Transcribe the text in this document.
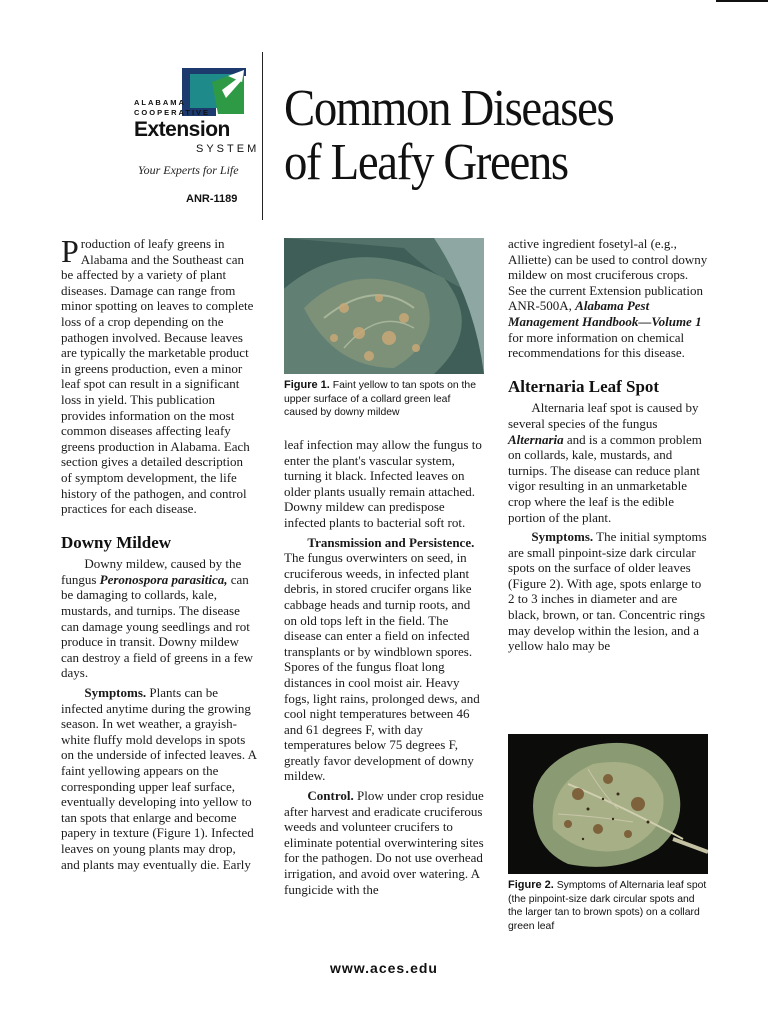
ALABAMA
COOPERATIVE
Extension
SYSTEM
Your Experts for Life
ANR-1189
Common Diseases
of Leafy Greens

Production of leafy greens in Alabama and the Southeast can be affected by a variety of plant diseases. Damage can range from minor spotting on leaves to complete loss of a crop depending on the pathogen involved. Because leaves are typically the marketable product in greens production, even a minor leaf spot can result in a significant loss in yield. This publication provides information on the most common diseases affecting leafy greens production in Alabama. Each section gives a detailed description of symptom development, the life history of the pathogen, and control practices for each disease.

Downy Mildew

Downy mildew, caused by the fungus Peronospora parasitica, can be damaging to collards, kale, mustards, and turnips. The disease can damage young seedlings and rot produce in transit. Downy mildew can destroy a field of greens in a few days.

Symptoms. Plants can be infected anytime during the growing season. In wet weather, a grayish-white fluffy mold develops in spots on the underside of infected leaves. A faint yellowing appears on the corresponding upper leaf surface, eventually developing into yellow to tan spots that enlarge and become papery in texture (Figure 1). Infected leaves on young plants may drop, and plants may eventually die. Early

Figure 1. Faint yellow to tan spots on the upper surface of a collard green leaf caused by downy mildew

leaf infection may allow the fungus to enter the plant's vascular system, turning it black. Infected leaves on older plants usually remain attached. Downy mildew can predispose infected plants to bacterial soft rot.

Transmission and Persistence. The fungus overwinters on seed, in cruciferous weeds, in infected plant debris, in stored crucifer organs like cabbage heads and turnip roots, and on old tops left in the field. The disease can enter a field on infected transplants or by windblown spores. Spores of the fungus float long distances in cool moist air. Heavy fogs, light rains, prolonged dews, and cool night temperatures between 46 and 61 degrees F, with day temperatures below 75 degrees F, greatly favor development of downy mildew.

Control. Plow under crop residue after harvest and eradicate cruciferous weeds and volunteer crucifers to eliminate potential overwintering sites for the pathogen. Do not use overhead irrigation, and avoid over watering. A fungicide with the

active ingredient fosetyl-al (e.g., Alliette) can be used to control downy mildew on most cruciferous crops. See the current Extension publication ANR-500A, Alabama Pest Management Handbook—Volume 1 for more information on chemical recommendations for this disease.

Alternaria Leaf Spot

Alternaria leaf spot is caused by several species of the fungus Alternaria and is a common problem on collards, kale, mustards, and turnips. The disease can reduce plant vigor resulting in an unmarketable crop where the leaf is the edible portion of the plant.

Symptoms. The initial symptoms are small pinpoint-size dark circular spots on the surface of older leaves (Figure 2). With age, spots enlarge to 2 to 3 inches in diameter and are black, brown, or tan. Concentric rings may develop within the lesion, and a yellow halo may be

Figure 2. Symptoms of Alternaria leaf spot (the pinpoint-size dark circular spots and the larger tan to brown spots) on a collard green leaf
www.aces.edu
